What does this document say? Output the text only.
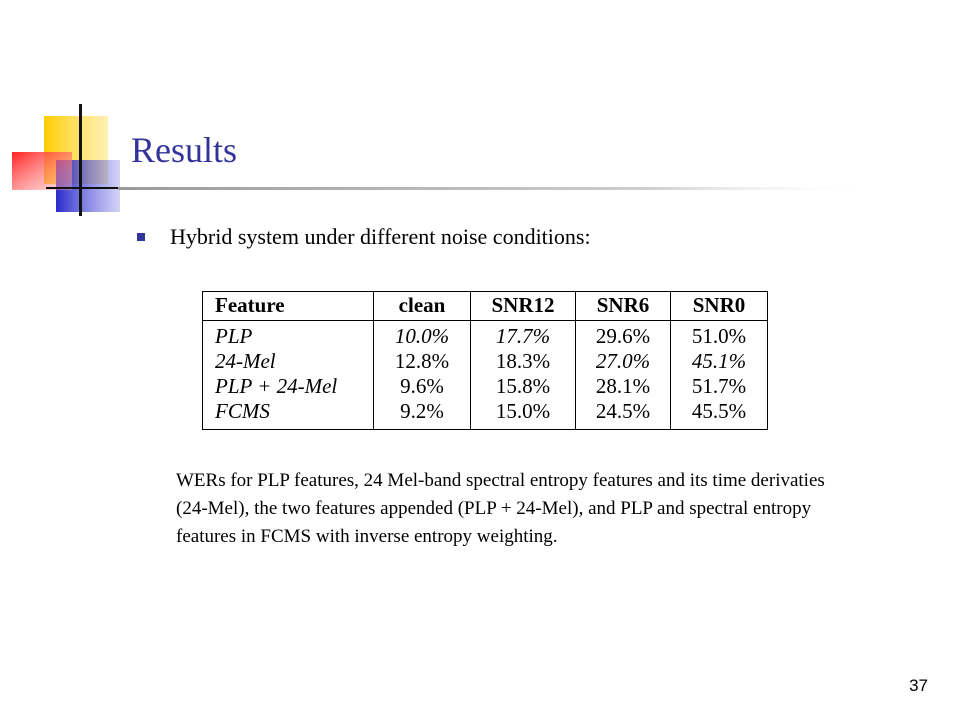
Results
Hybrid system under different noise conditions:
Feature	clean	SNR12	SNR6	SNR0
PLP	10.0%	17.7%	29.6%	51.0%
24-Mel	12.8%	18.3%	27.0%	45.1%
PLP + 24-Mel	9.6%	15.8%	28.1%	51.7%
FCMS	9.2%	15.0%	24.5%	45.5%

WERs for PLP features, 24 Mel-band spectral entropy features and its time derivaties (24-Mel), the two features appended (PLP + 24-Mel), and PLP and spectral entropy features in FCMS with inverse entropy weighting.

37
